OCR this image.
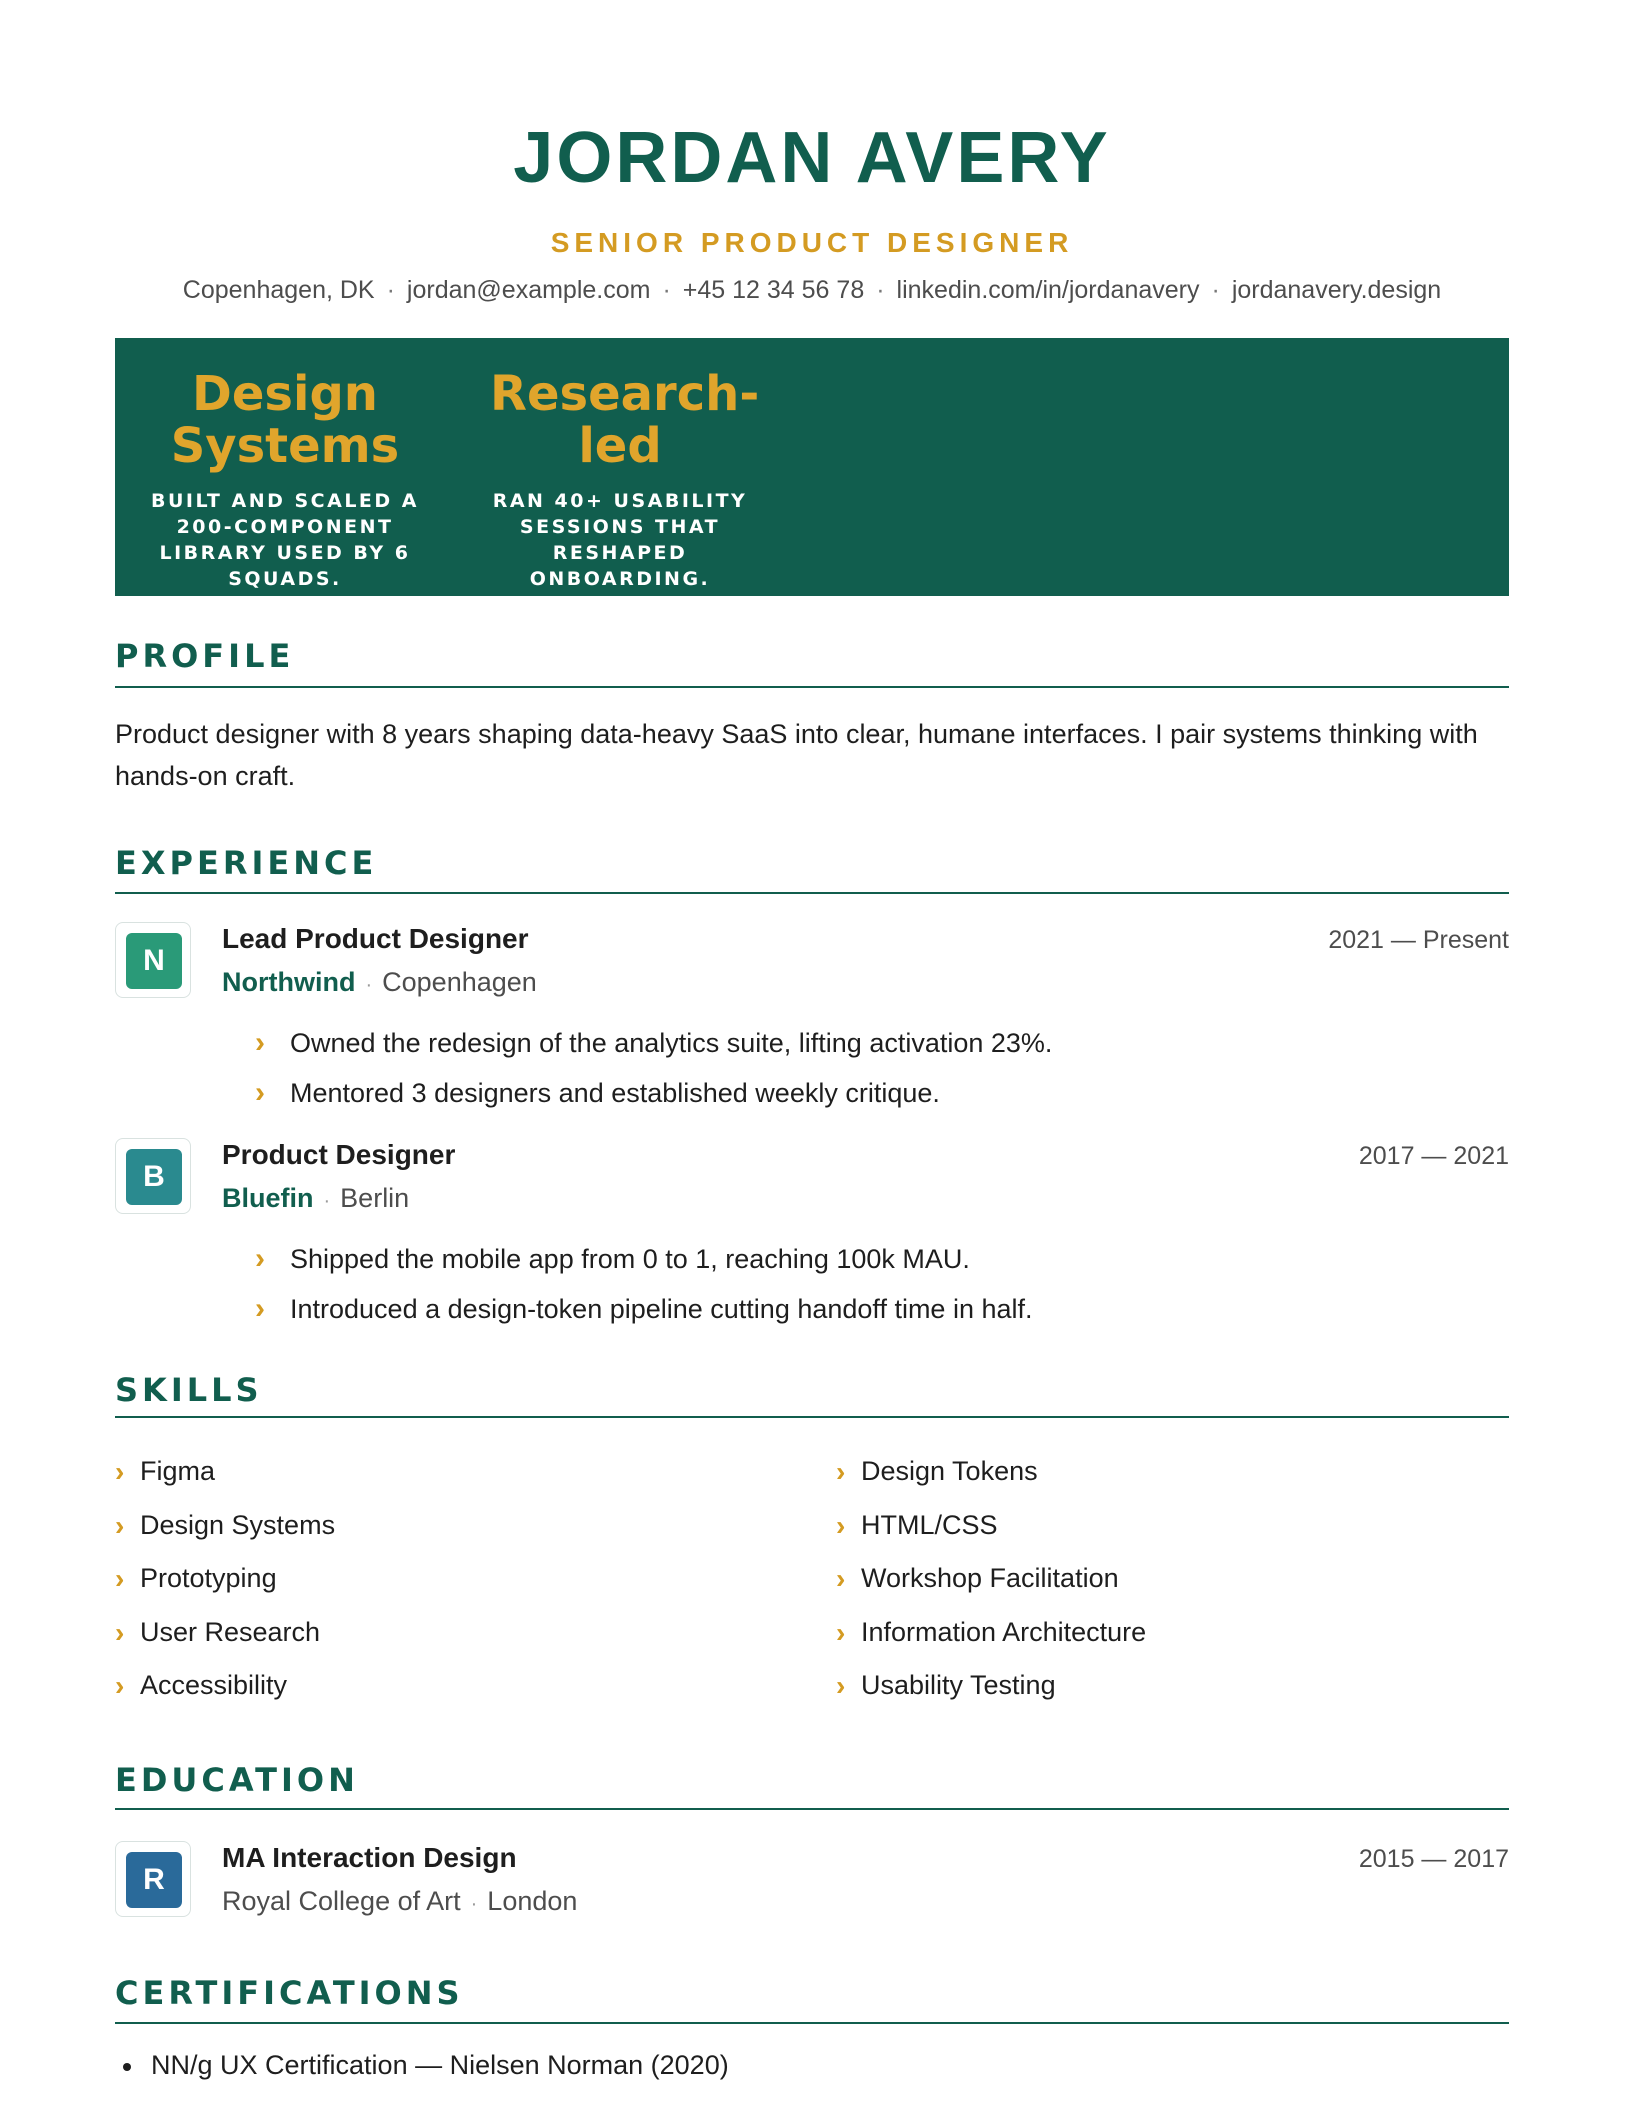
JORDAN AVERY
SENIOR PRODUCT DESIGNER
Copenhagen, DK · jordan@example.com · +45 12 34 56 78 · linkedin.com/in/jordanavery · jordanavery.design
Design Systems
BUILT AND SCALED A 200-COMPONENT LIBRARY USED BY 6 SQUADS.
Research-led
RAN 40+ USABILITY SESSIONS THAT RESHAPED ONBOARDING.
PROFILE
Product designer with 8 years shaping data-heavy SaaS into clear, humane interfaces. I pair systems thinking with hands-on craft.
EXPERIENCE
N
Lead Product Designer	2021 — Present
Northwind · Copenhagen
› Owned the redesign of the analytics suite, lifting activation 23%.
› Mentored 3 designers and established weekly critique.
B
Product Designer	2017 — 2021
Bluefin · Berlin
› Shipped the mobile app from 0 to 1, reaching 100k MAU.
› Introduced a design-token pipeline cutting handoff time in half.
SKILLS
› Figma
› Design Systems
› Prototyping
› User Research
› Accessibility
› Design Tokens
› HTML/CSS
› Workshop Facilitation
› Information Architecture
› Usability Testing
EDUCATION
R
MA Interaction Design	2015 — 2017
Royal College of Art · London
CERTIFICATIONS
NN/g UX Certification — Nielsen Norman (2020)
